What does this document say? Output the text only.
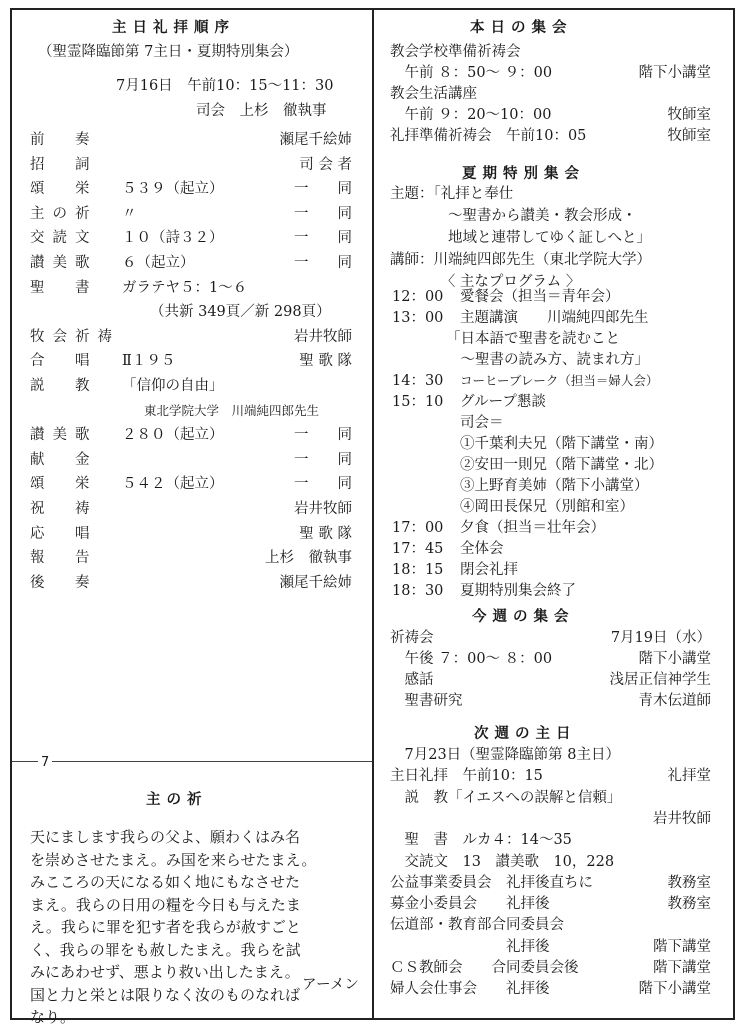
7
主日礼拝順序
（聖霊降臨節第 7主日・夏期特別集会）
7月16日　午前10：15〜11：30
司会　上杉　徹執事
前　奏	瀬尾千絵姉
招　詞	司 会 者
頌　栄 ５３９（起立）	一　　同
主の祈 〃	一　　同
交読文 １０（詩３２）	一　　同
讃美歌 ６（起立）	一　　同
聖　書 ガラテヤ５：1〜６
（共新 349頁／新 298頁）
牧会祈祷	岩井牧師
合　唱 Ⅱ１９５	聖 歌 隊
説　教 「信仰の自由」
東北学院大学　川端純四郎先生
讃美歌 ２８０（起立）	一　　同
献　金	一　　同
頌　栄 ５４２（起立）	一　　同
祝　祷	岩井牧師
応　唱	聖 歌 隊
報　告	上杉　徹執事
後　奏	瀬尾千絵姉
主の祈
天にまします我らの父よ、願わくはみ名
を崇めさせたまえ。み国を来らせたまえ。
みこころの天になる如く地にもなさせた
まえ。我らの日用の糧を今日も与えたま
え。我らに罪を犯す者を我らが赦すごと
く、我らの罪をも赦したまえ。我らを試
みにあわせず、悪より救い出したまえ。
国と力と栄とは限りなく汝のものなれば
なり。
アーメン
本日の集会
教会学校準備祈祷会
　午前 ８：50〜 ９：00	階下小講堂
教会生活講座
　午前 ９：20〜10：00	牧師室
礼拝準備祈祷会　午前10：05	牧師室
夏期特別集会
主題：「礼拝と奉仕
　　　　〜聖書から讃美・教会形成・
　　　　地域と連帯してゆく証しへと」
講師：川端純四郎先生（東北学院大学）
　　　　〈 主なプログラム 〉
12：00 愛餐会（担当＝青年会）
13：00 主題講演　　川端純四郎先生
「日本語で聖書を読むこと
　〜聖書の読み方、読まれ方」
14：30 コーヒーブレーク（担当＝婦人会）
15：10 グループ懇談
司会＝
①千葉利夫兄（階下講堂・南）
②安田一則兄（階下講堂・北）
③上野育美姉（階下小講堂）
④岡田長保兄（別館和室）
17：00 夕食（担当＝壮年会）
17：45 全体会
18：15 閉会礼拝
18：30 夏期特別集会終了
今週の集会
祈祷会	7月19日（水）
　午後 ７：00〜 ８：00	階下小講堂
　感話	浅居正信神学生
　聖書研究	青木伝道師
次週の主日
　7月23日（聖霊降臨節第 8主日）
主日礼拝　午前10：15	礼拝堂
　説　教「イエスへの誤解と信頼」
岩井牧師
　聖　書　ルカ４：14〜35
　交読文　13　讃美歌　10，228
公益事業委員会　礼拝後直ちに	教務室
募金小委員会　　礼拝後	教務室
伝道部・教育部合同委員会
　　　　　　　　礼拝後	階下講堂
ＣＳ教師会　　合同委員会後	階下講堂
婦人会仕事会　　礼拝後	階下小講堂
